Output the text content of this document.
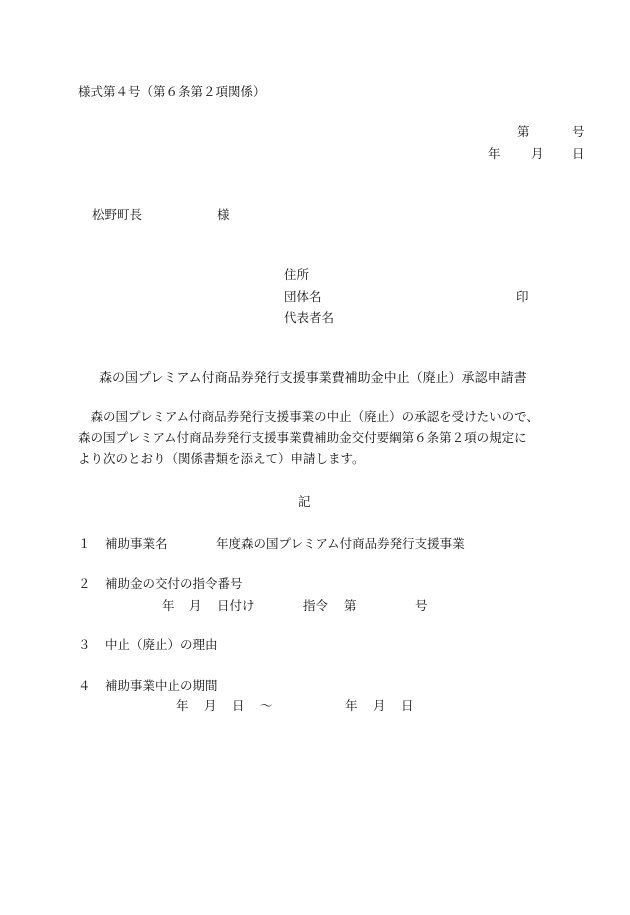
様式第４号（第６条第２項関係）
第	号
年 月 日
松野町長	様
住所
団体名	印
代表者名
森の国プレミアム付商品券発行支援事業費補助金中止（廃止）承認申請書
　森の国プレミアム付商品券発行支援事業の中止（廃止）の承認を受けたいので、
森の国プレミアム付商品券発行支援事業費補助金交付要綱第６条第２項の規定に
より次のとおり（関係書類を添えて）申請します。
記
１ 補助事業名	年度森の国プレミアム付商品券発行支援事業
２ 補助金の交付の指令番号
年 月 日付け	指令 第	号
３ 中止（廃止）の理由
４ 補助事業中止の期間
年 月 日 〜	年 月 日
